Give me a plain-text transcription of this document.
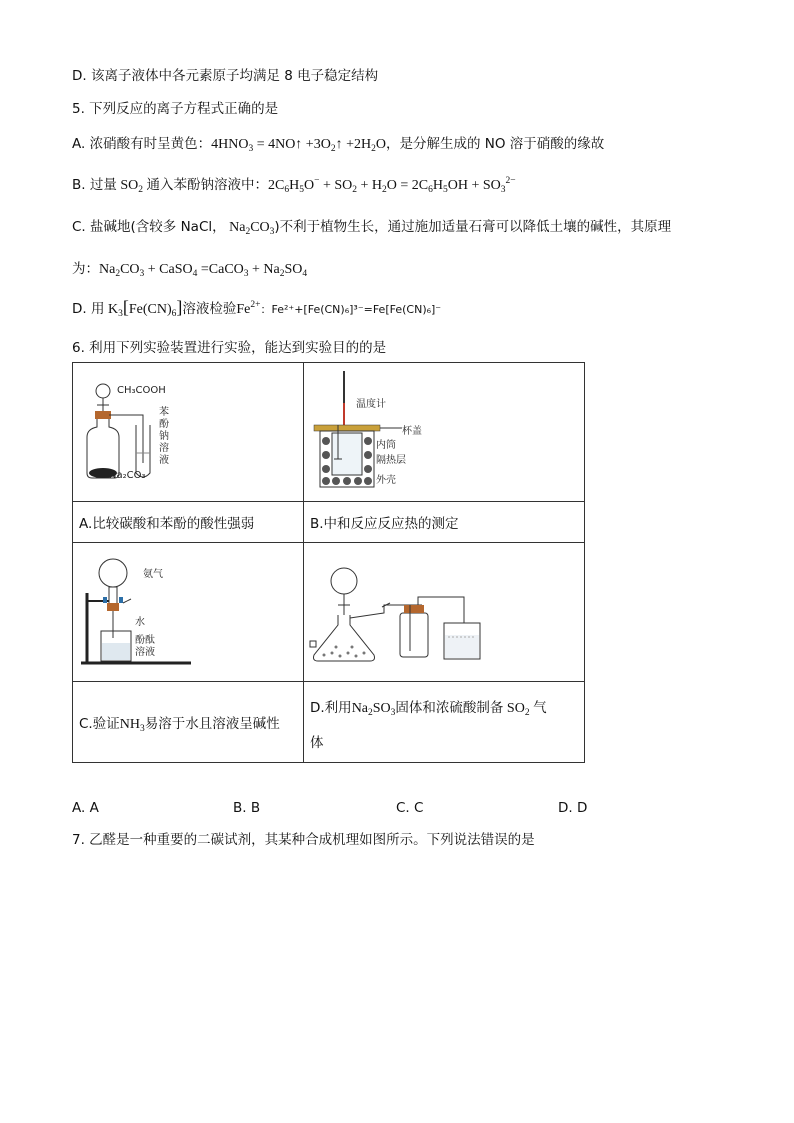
D. 该离子液体中各元素原子均满足 8 电子稳定结构
5. 下列反应的离子方程式正确的是
A. 浓硝酸有时呈黄色：$4HNO_3$ = 4NO↑ $+3O_2↑ +2H_2O$，是分解生成的 NO 溶于硝酸的缘故
B. 过量 $SO_2$ 通入苯酚钠溶液中：$2C_6H_5O^- + SO_2 + H_2O = 2C_6H_5OH + SO_3^{2-}$
C. 盐碱地(含较多 NaCl， $Na_2CO_3$)不利于植物生长，通过施加适量石膏可以降低土壤的碱性，其原理
为：$Na_2CO_3$ + CaSO$_4$ =CaCO$_3$ + $Na_2SO_4$
D. 用 $K_3[Fe(CN)_6]$溶液检验$Fe^{2+}$：Fe²⁺+[Fe(CN)₆]³⁻=Fe[Fe(CN)₆]⁻
6. 利用下列实验装置进行实验，能达到实验目的的是
CH₃COOH
苯酚钠溶液
Na₂CO₃	温度计
杯盖
内筒
隔热层
外壳

A.比较碳酸和苯酚的酸性强弱	B.中和反应反应热的测定

氨气
水
酚酞溶液

C.验证$NH_3$易溶于水且溶液呈碱性	D.利用$Na_2SO_3$固体和浓硫酸制备 $SO_2$ 气
体
A. A	B. B	C. C	D. D
7. 乙醛是一种重要的二碳试剂，其某种合成机理如图所示。下列说法错误的是
